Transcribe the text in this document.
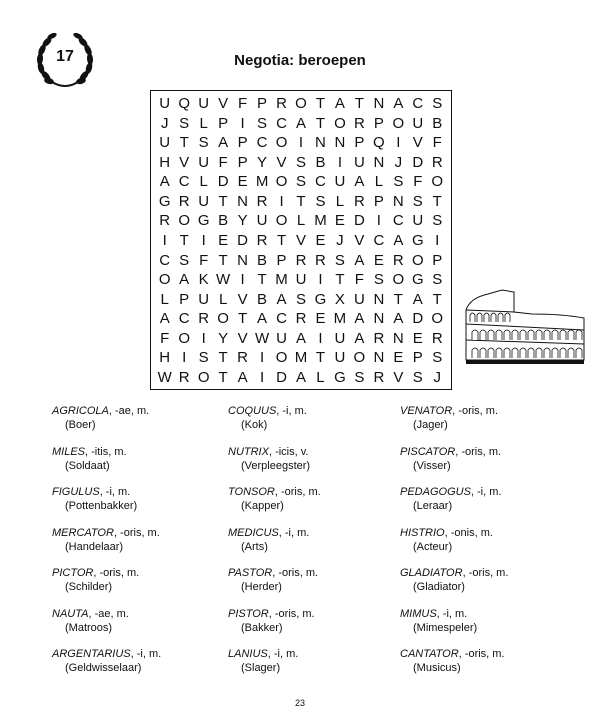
17	Negotia: beroepen
U Q U V F P R O T A T N A C S
J S L P I S C A T O R P O U B
U T S A P C O I N N P Q I V F
H V U F P Y V S B I U N J D R
A C L D E M O S C U A L S F O
G R U T N R I T S L R P N S T
R O G B Y U O L M E D I C U S
I T I E D R T V E J V C A G I
C S F T N B P R R S A E R O P
O A K W I T M U I T F S O G S
L P U L V B A S G X U N T A T
A C R O T A C R E M A N A D O
F O I Y V W U A I U A R N E R
H I S T R I O M T U O N E P S
W R O T A I D A L G S R V S J
AGRICOLA, -ae, m.
(Boer)
MILES, -itis, m.
(Soldaat)
FIGULUS, -i, m.
(Pottenbakker)
MERCATOR, -oris, m.
(Handelaar)
PICTOR, -oris, m.
(Schilder)
NAUTA, -ae, m.
(Matroos)
ARGENTARIUS, -i, m.
(Geldwisselaar)
COQUUS, -i, m.
(Kok)
NUTRIX, -icis, v.
(Verpleegster)
TONSOR, -oris, m.
(Kapper)
MEDICUS, -i, m.
(Arts)
PASTOR, -oris, m.
(Herder)
PISTOR, -oris, m.
(Bakker)
LANIUS, -i, m.
(Slager)
VENATOR, -oris, m.
(Jager)
PISCATOR, -oris, m.
(Visser)
PEDAGOGUS, -i, m.
(Leraar)
HISTRIO, -onis, m.
(Acteur)
GLADIATOR, -oris, m.
(Gladiator)
MIMUS, -i, m.
(Mimespeler)
CANTATOR, -oris, m.
(Musicus)
23
